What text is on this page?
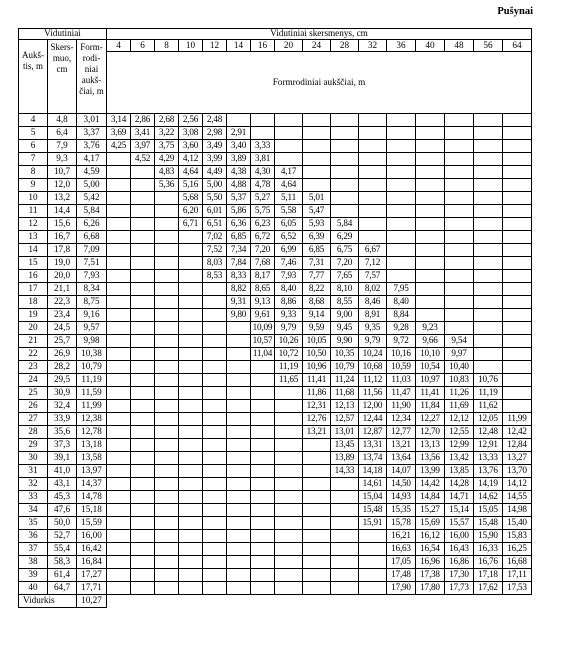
Pušynai
Vidutiniai			Vidutiniai skersmenys, cm															

Aukš-tis, m	Skers-muo, cm	Form-rodi-niai aukš-čiai, m	4	6	8	10	12	14	16	20	24	28	32	36	40	48	56	64
			Formrodiniai aukščiai, m															
4	4,8	3,01	3,14	2,86	2,68	2,56	2,48											
5	6,4	3,37	3,69	3,41	3,22	3,08	2,98	2,91										
6	7,9	3,76	4,25	3,97	3,75	3,60	3,49	3,40	3,33									
7	9,3	4,17		4,52	4,29	4,12	3,99	3,89	3,81									
8	10,7	4,59			4,83	4,64	4,49	4,38	4,30	4,17								
9	12,0	5,00			5,36	5,16	5,00	4,88	4,78	4,64								
10	13,2	5,42				5,68	5,50	5,37	5,27	5,11	5,01							
11	14,4	5,84				6,20	6,01	5,86	5,75	5,58	5,47							
12	15,6	6,26				6,71	6,51	6,36	6,23	6,05	5,93	5,84						
13	16,7	6,68					7,02	6,85	6,72	6,52	6,39	6,29						
14	17,8	7,09					7,52	7,34	7,20	6,99	6,85	6,75	6,67					
15	19,0	7,51					8,03	7,84	7,68	7,46	7,31	7,20	7,12					
16	20,0	7,93					8,53	8,33	8,17	7,93	7,77	7,65	7,57					
17	21,1	8,34						8,82	8,65	8,40	8,22	8,10	8,02	7,95				
18	22,3	8,75						9,31	9,13	8,86	8,68	8,55	8,46	8,40				
19	23,4	9,16						9,80	9,61	9,33	9,14	9,00	8,91	8,84				
20	24,5	9,57							10,09	9,79	9,59	9,45	9,35	9,28	9,23			
21	25,7	9,98							10,57	10,26	10,05	9,90	9,79	9,72	9,66	9,54		
22	26,9	10,38							11,04	10,72	10,50	10,35	10,24	10,16	10,10	9,97		
23	28,2	10,79								11,19	10,96	10,79	10,68	10,59	10,54	10,40		
24	29,5	11,19								11,65	11,41	11,24	11,12	11,03	10,97	10,83	10,76	
25	30,9	11,59									11,86	11,68	11,56	11,47	11,41	11,26	11,19	
26	32,4	11,99									12,31	12,13	12,00	11,90	11,84	11,69	11,62	
27	33,9	12,38									12,76	12,57	12,44	12,34	12,27	12,12	12,05	11,99
28	35,6	12,78									13,21	13,01	12,87	12,77	12,70	12,55	12,48	12,42
29	37,3	13,18										13,45	13,31	13,21	13,13	12,99	12,91	12,84
30	39,1	13,58										13,89	13,74	13,64	13,56	13,42	13,33	13,27
31	41,0	13,97										14,33	14,18	14,07	13,99	13,85	13,76	13,70
32	43,1	14,37											14,61	14,50	14,42	14,28	14,19	14,12
33	45,3	14,78											15,04	14,93	14,84	14,71	14,62	14,55
34	47,6	15,18											15,48	15,35	15,27	15,14	15,05	14,98
35	50,0	15,59											15,91	15,78	15,69	15,57	15,48	15,40
36	52,7	16,00												16,21	16,12	16,00	15,90	15,83
37	55,4	16,42												16,63	16,54	16,43	16,33	16,25
38	58,3	16,84												17,05	16,96	16,86	16,76	16,68
39	61,4	17,27												17,48	17,38	17,30	17,18	17,11
40	64,7	17,71												17,90	17,80	17,73	17,62	17,53
Vidurkis		10,27																
